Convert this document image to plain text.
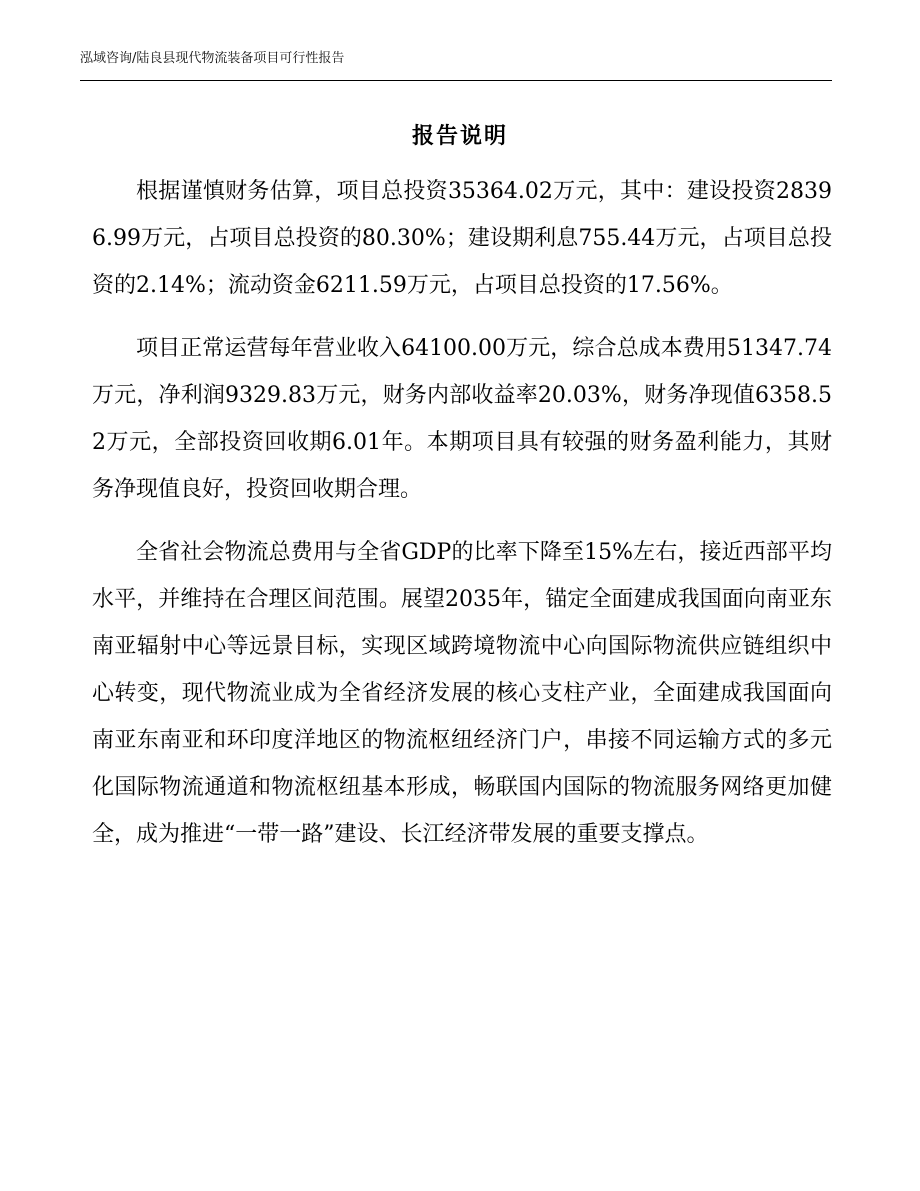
泓域咨询/陆良县现代物流装备项目可行性报告
报告说明

根据谨慎财务估算，项目总投资35364.02万元，其中：建设投资28396.99万元，占项目总投资的80.30%；建设期利息755.44万元，占项目总投资的2.14%；流动资金6211.59万元，占项目总投资的17.56%。

项目正常运营每年营业收入64100.00万元，综合总成本费用51347.74万元，净利润9329.83万元，财务内部收益率20.03%，财务净现值6358.52万元，全部投资回收期6.01年。本期项目具有较强的财务盈利能力，其财务净现值良好，投资回收期合理。

全省社会物流总费用与全省GDP的比率下降至15%左右，接近西部平均水平，并维持在合理区间范围。展望2035年，锚定全面建成我国面向南亚东南亚辐射中心等远景目标，实现区域跨境物流中心向国际物流供应链组织中心转变，现代物流业成为全省经济发展的核心支柱产业，全面建成我国面向南亚东南亚和环印度洋地区的物流枢纽经济门户，串接不同运输方式的多元化国际物流通道和物流枢纽基本形成，畅联国内国际的物流服务网络更加健全，成为推进“一带一路”建设、长江经济带发展的重要支撑点。
